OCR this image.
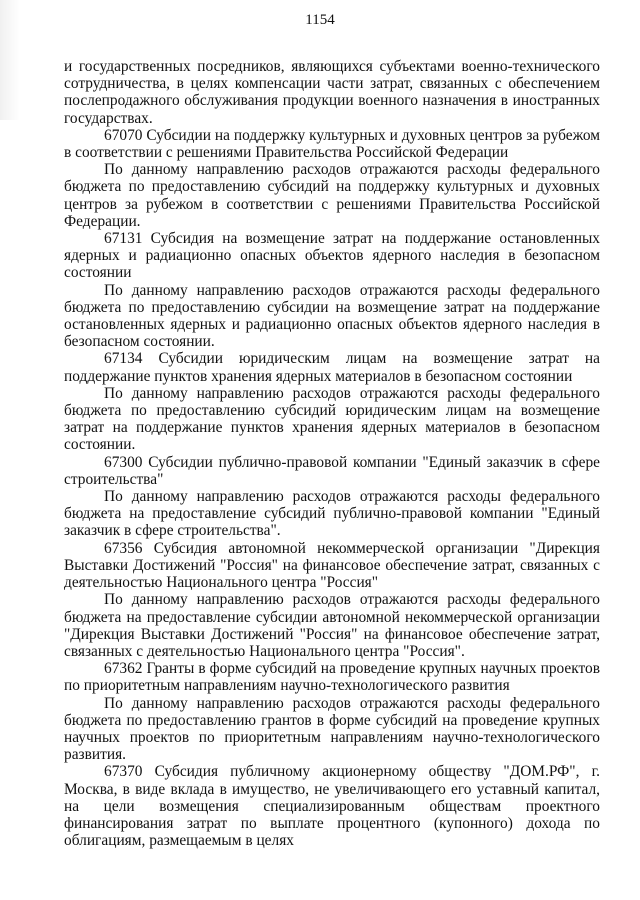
1154

и государственных посредников, являющихся субъектами военно-технического сотрудничества, в целях компенсации части затрат, связанных с обеспечением послепродажного обслуживания продукции военного назначения в иностранных государствах.

67070 Субсидии на поддержку культурных и духовных центров за рубежом в соответствии с решениями Правительства Российской Федерации

По данному направлению расходов отражаются расходы федерального бюджета по предоставлению субсидий на поддержку культурных и духовных центров за рубежом в соответствии с решениями Правительства Российской Федерации.

67131 Субсидия на возмещение затрат на поддержание остановленных ядерных и радиационно опасных объектов ядерного наследия в безопасном состоянии

По данному направлению расходов отражаются расходы федерального бюджета по предоставлению субсидии на возмещение затрат на поддержание остановленных ядерных и радиационно опасных объектов ядерного наследия в безопасном состоянии.

67134 Субсидии юридическим лицам на возмещение затрат на поддержание пунктов хранения ядерных материалов в безопасном состоянии

По данному направлению расходов отражаются расходы федерального бюджета по предоставлению субсидий юридическим лицам на возмещение затрат на поддержание пунктов хранения ядерных материалов в безопасном состоянии.

67300 Субсидии публично-правовой компании "Единый заказчик в сфере строительства"

По данному направлению расходов отражаются расходы федерального бюджета на предоставление субсидий публично-правовой компании "Единый заказчик в сфере строительства".

67356 Субсидия автономной некоммерческой организации "Дирекция Выставки Достижений "Россия" на финансовое обеспечение затрат, связанных с деятельностью Национального центра "Россия"

По данному направлению расходов отражаются расходы федерального бюджета на предоставление субсидии автономной некоммерческой организации "Дирекция Выставки Достижений "Россия" на финансовое обеспечение затрат, связанных с деятельностью Национального центра "Россия".

67362 Гранты в форме субсидий на проведение крупных научных проектов по приоритетным направлениям научно-технологического развития

По данному направлению расходов отражаются расходы федерального бюджета по предоставлению грантов в форме субсидий на проведение крупных научных проектов по приоритетным направлениям научно-технологического развития.

67370 Субсидия публичному акционерному обществу "ДОМ.РФ", г. Москва, в виде вклада в имущество, не увеличивающего его уставный капитал, на цели возмещения специализированным обществам проектного финансирования затрат по выплате процентного (купонного) дохода по облигациям, размещаемым в целях
